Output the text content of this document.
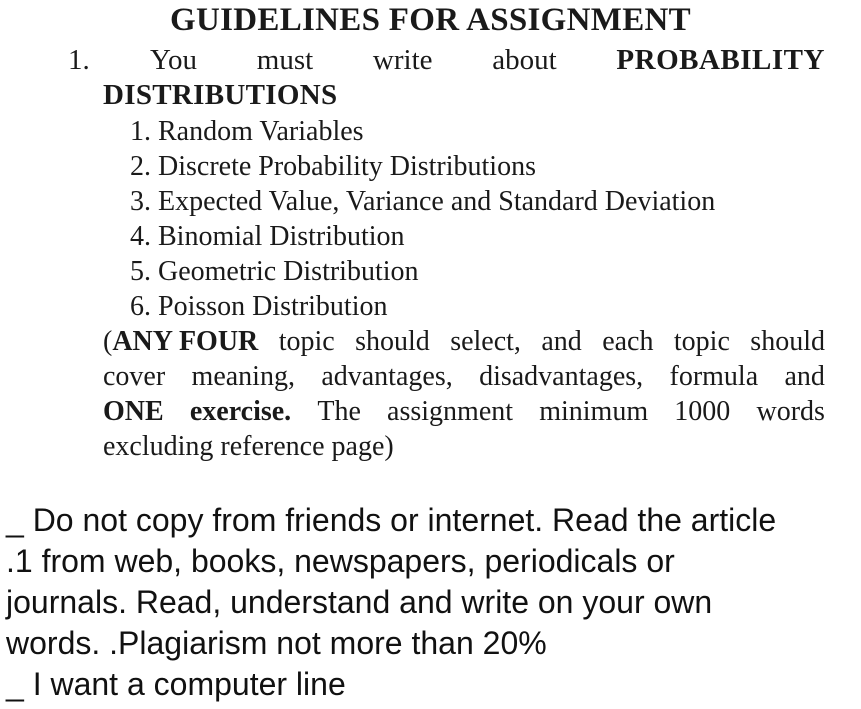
GUIDELINES FOR ASSIGNMENT
1. You must write about PROBABILITY
DISTRIBUTIONS
1. Random Variables
2. Discrete Probability Distributions
3. Expected Value, Variance and Standard Deviation
4. Binomial Distribution
5. Geometric Distribution
6. Poisson Distribution
(ANY FOUR topic should select, and each topic should
cover meaning, advantages, disadvantages, formula and
ONE exercise. The assignment minimum 1000 words
excluding reference page)
_ Do not copy from friends or internet. Read the article
.1 from web, books, newspapers, periodicals or
journals. Read, understand and write on your own
words. .Plagiarism not more than 20%
_ I want a computer line
